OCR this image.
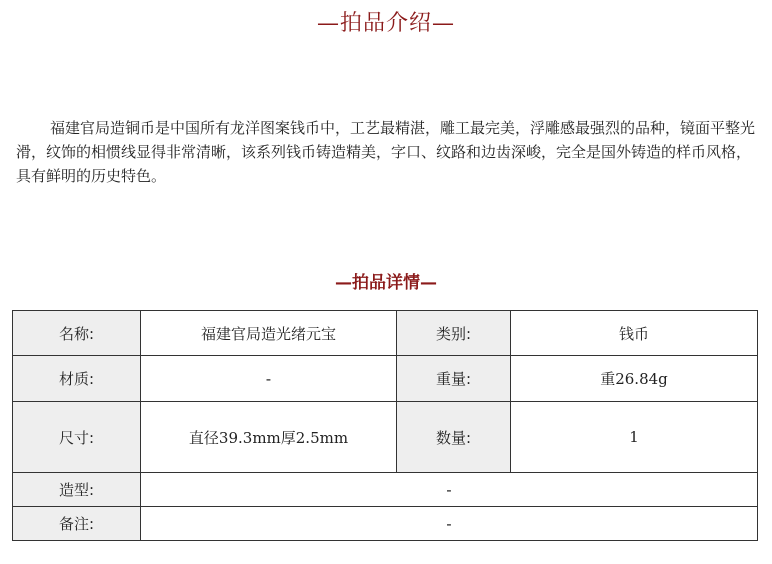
—拍品介绍—

福建官局造铜币是中国所有龙洋图案钱币中，工艺最精湛，雕工最完美，浮雕感最强烈的品种，镜面平整光滑，纹饰的相惯线显得非常清晰，该系列钱币铸造精美，字口、纹路和边齿深峻，完全是国外铸造的样币风格，具有鲜明的历史特色。

—拍品详情—
名称:	福建官局造光绪元宝	类别:	钱币
材质:	-	重量:	重26.84g
尺寸:	直径39.3mm厚2.5mm	数量:	1
造型:	-		
备注:	-		
